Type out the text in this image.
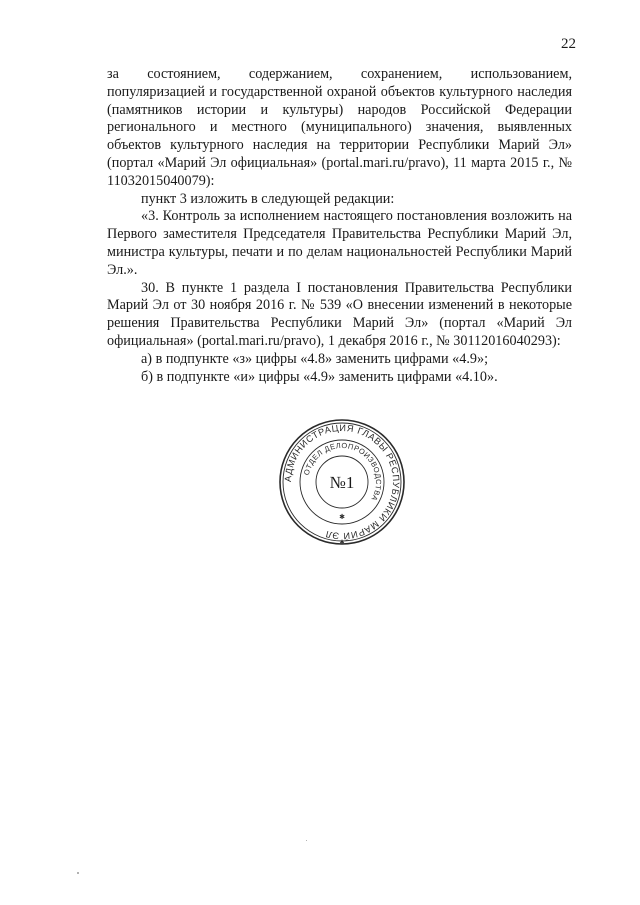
22

за состоянием, содержанием, сохранением, использованием, популяризацией и государственной охраной объектов культурного наследия (памятников истории и культуры) народов Российской Федерации регионального и местного (муниципального) значения, выявленных объектов культурного наследия на территории Республики Марий Эл» (портал «Марий Эл официальная» (portal.mari.ru/pravo), 11 марта 2015 г., № 11032015040079):

пункт 3 изложить в следующей редакции:

«3. Контроль за исполнением настоящего постановления возложить на Первого заместителя Председателя Правительства Республики Марий Эл, министра культуры, печати и по делам национальностей Республики Марий Эл.».

30. В пункте 1 раздела I постановления Правительства Республики Марий Эл от 30 ноября 2016 г. № 539 «О внесении изменений в некоторые решения Правительства Республики Марий Эл» (портал «Марий Эл официальная» (portal.mari.ru/pravo), 1 декабря 2016 г., № 30112016040293):

а) в подпункте «з» цифры «4.8» заменить цифрами «4.9»;

б) в подпункте «и» цифры «4.9» заменить цифрами «4.10».

АДМИНИСТРАЦИЯ ГЛАВЫ РЕСПУБЛИКИ МАРИЙ ЭЛ
ОТДЕЛ ДЕЛОПРОИЗВОДСТВА
№1
✱
✱
